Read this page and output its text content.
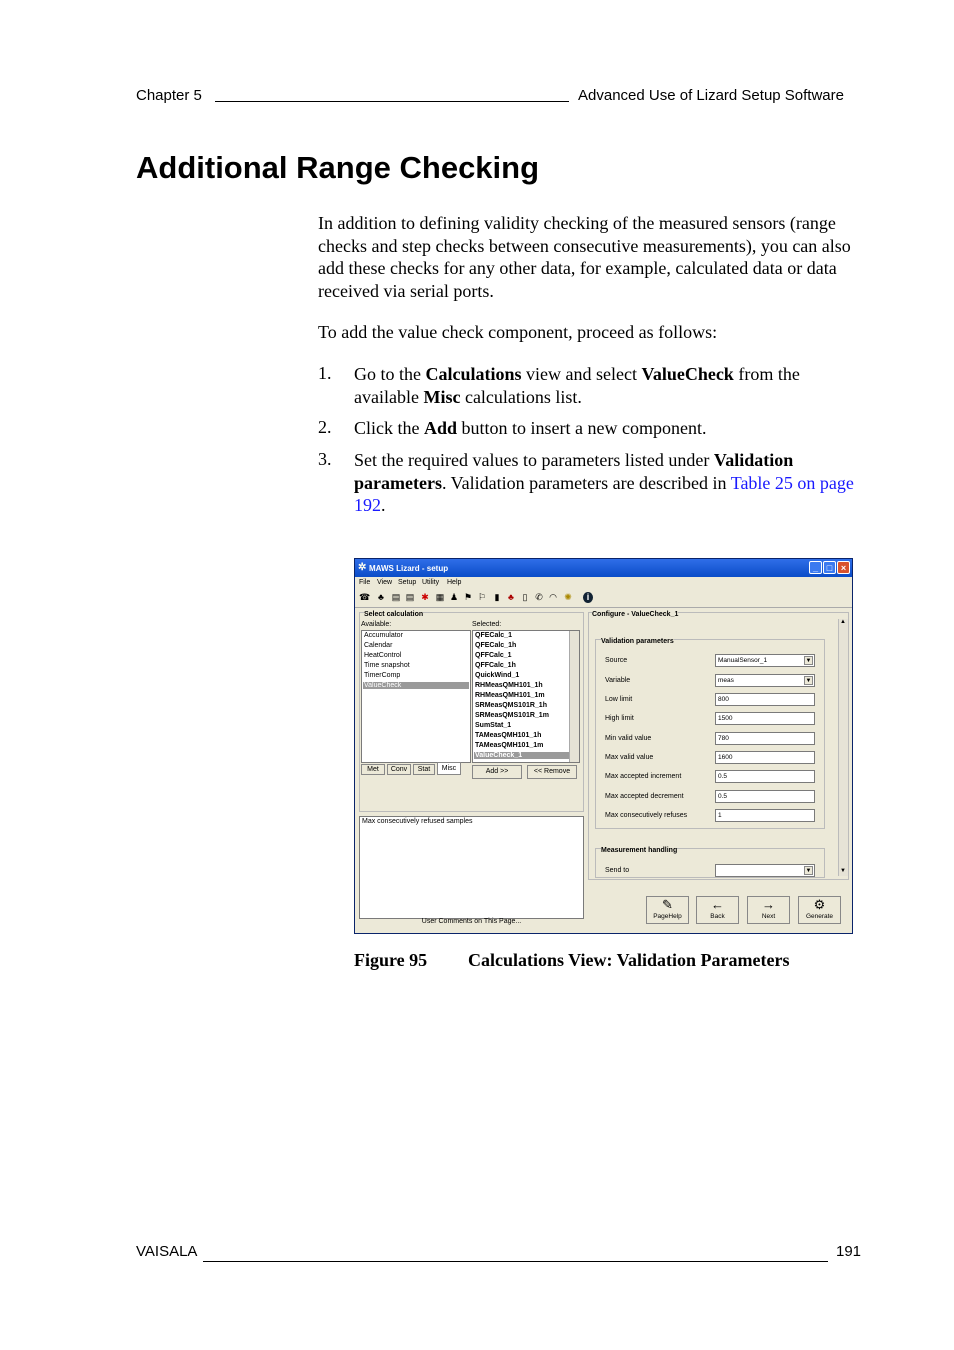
Chapter 5	Advanced Use of Lizard Setup Software
Additional Range Checking
In addition to defining validity checking of the measured sensors (range checks and step checks between consecutive measurements), you can also add these checks for any other data, for example, calculated data or data received via serial ports.
To add the value check component, proceed as follows:
1. Go to the Calculations view and select ValueCheck from the available Misc calculations list.
2. Click the Add button to insert a new component.
3. Set the required values to parameters listed under Validation parameters. Validation parameters are described in Table 25 on page 192.
✲ MAWS Lizard - setup	_ □ ×
File View Setup Utility Help
☎ ♣ ▤ ▤ ✱ ▦ ♟ ⚑ ⚐ ▮ ♣ ▯ ✆ ◠ ✺	i
Select calculation
Available:	Selected:
Accumulator
Calendar
HeatControl
Time snapshot
TimerComp
ValueCheck
QFECalc_1
QFECalc_1h
QFFCalc_1
QFFCalc_1h
QuickWind_1
RHMeasQMH101_1h
RHMeasQMH101_1m
SRMeasQMS101R_1h
SRMeasQMS101R_1m
SumStat_1
TAMeasQMH101_1h
TAMeasQMH101_1m
ValueCheck_1
Met	Conv	Stat	Misc	Add >>	<< Remove
Max consecutively refused samples
User Comments on This Page...
Configure - ValueCheck_1
▲
▼
Validation parameters
Source	ManualSensor_1	▼
Variable	meas	▼
Low limit	800
High limit	1500
Min valid value	780
Max valid value	1600
Max accepted increment	0.5
Max accepted decrement	0.5
Max consecutively refuses	1
Measurement handling
Send to	▼
✎
PageHelp
←
Back
→
Next
⚙
Generate
Figure 95 Calculations View: Validation Parameters
VAISALA	191
